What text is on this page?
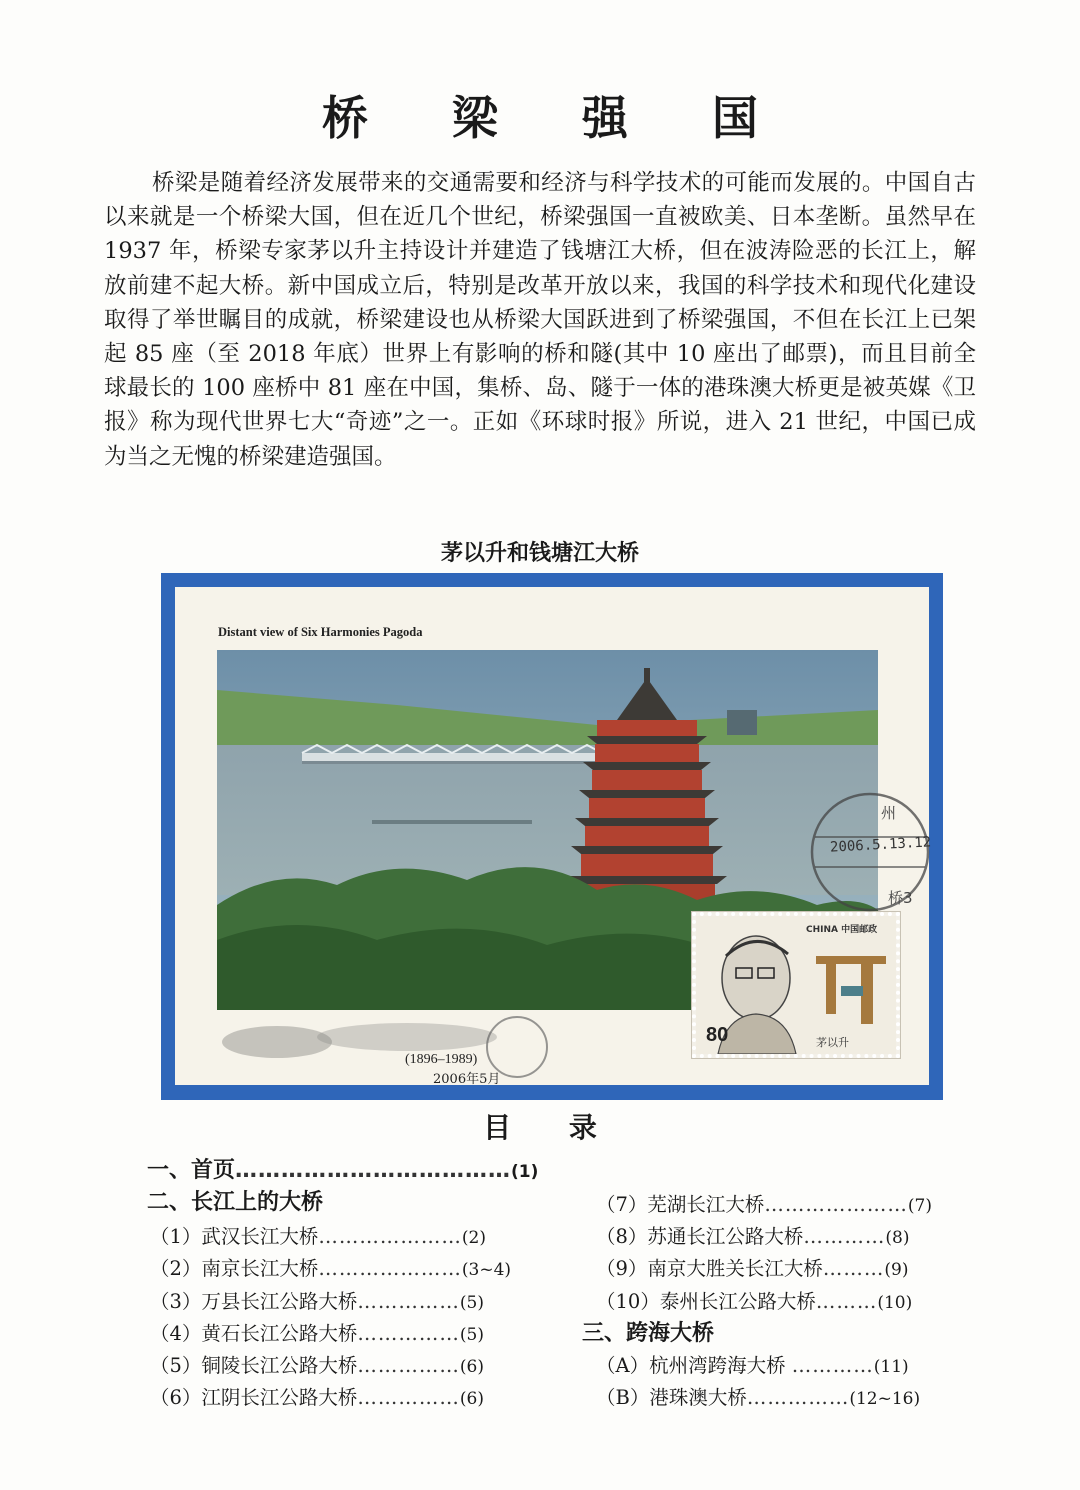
桥 梁 强 国

桥梁是随着经济发展带来的交通需要和经济与科学技术的可能而发展的。中国自古以来就是一个桥梁大国，但在近几个世纪，桥梁强国一直被欧美、日本垄断。虽然早在 1937 年，桥梁专家茅以升主持设计并建造了钱塘江大桥，但在波涛险恶的长江上，解放前建不起大桥。新中国成立后，特别是改革开放以来，我国的科学技术和现代化建设取得了举世瞩目的成就，桥梁建设也从桥梁大国跃进到了桥梁强国，不但在长江上已架起 85 座（至 2018 年底）世界上有影响的桥和隧(其中 10 座出了邮票)，而且目前全球最长的 100 座桥中 81 座在中国，集桥、岛、隧于一体的港珠澳大桥更是被英媒《卫报》称为现代世界七大“奇迹”之一。正如《环球时报》所说，进入 21 世纪，中国已成为当之无愧的桥梁建造强国。

茅以升和钱塘江大桥
Distant view of Six Harmonies Pagoda
CHINA 中国邮政
80	茅以升
州
2006.5.13.12
桥3
(1896–1989)
2006年5月
目 录
一、首页………………………………(1)
二、长江上的大桥
（1）武汉长江大桥…………………(2)
（2）南京长江大桥…………………(3~4)
（3）万县长江公路大桥……………(5)
（4）黄石长江公路大桥……………(5)
（5）铜陵长江公路大桥……………(6)
（6）江阴长江公路大桥……………(6)
（7）芜湖长江大桥…………………(7)
（8）苏通长江公路大桥…………(8)
（9）南京大胜关长江大桥………(9)
（10）泰州长江公路大桥………(10)
三、跨海大桥
（A）杭州湾跨海大桥 …………(11)
（B）港珠澳大桥……………(12~16)
